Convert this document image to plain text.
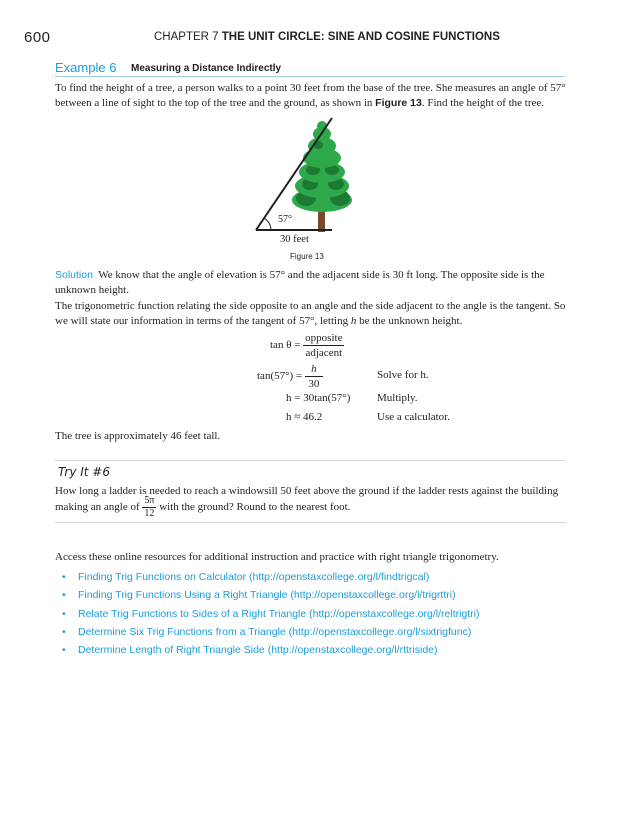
600	CHAPTER 7 THE UNIT CIRCLE: SINE AND COSINE FUNCTIONS
Example 6 Measuring a Distance Indirectly
To find the height of a tree, a person walks to a point 30 feet from the base of the tree. She measures an angle of 57° between a line of sight to the top of the tree and the ground, as shown in Figure 13. Find the height of the tree.
57°
30 feet
Figure 13
Solution We know that the angle of elevation is 57° and the adjacent side is 30 ft long. The opposite side is the unknown height.
The trigonometric function relating the side opposite to an angle and the side adjacent to the angle is the tangent. So we will state our information in terms of the tangent of 57°, letting h be the unknown height.
$\tan \theta = \frac{\text{opposite}}{\text{adjacent}}$
$\tan(57^\circ) = \frac{h}{30}$	Solve for h.
h = 30tan(57°) Multiply.
h ≈ 46.2	Use a calculator.
The tree is approximately 46 feet tall.
Try It #6
How long a ladder is needed to reach a windowsill 50 feet above the ground if the ladder rests against the building
making an angle of $\frac{5\pi}{12}$ with the ground? Round to the nearest foot.
Access these online resources for additional instruction and practice with right triangle trigonometry.
• Finding Trig Functions on Calculator (http://openstaxcollege.org/l/findtrigcal)
• Finding Trig Functions Using a Right Triangle (http://openstaxcollege.org/l/trigrttri)
• Relate Trig Functions to Sides of a Right Triangle (http://openstaxcollege.org/l/reltrigtri)
• Determine Six Trig Functions from a Triangle (http://openstaxcollege.org/l/sixtrigfunc)
• Determine Length of Right Triangle Side (http://openstaxcollege.org/l/rttriside)
